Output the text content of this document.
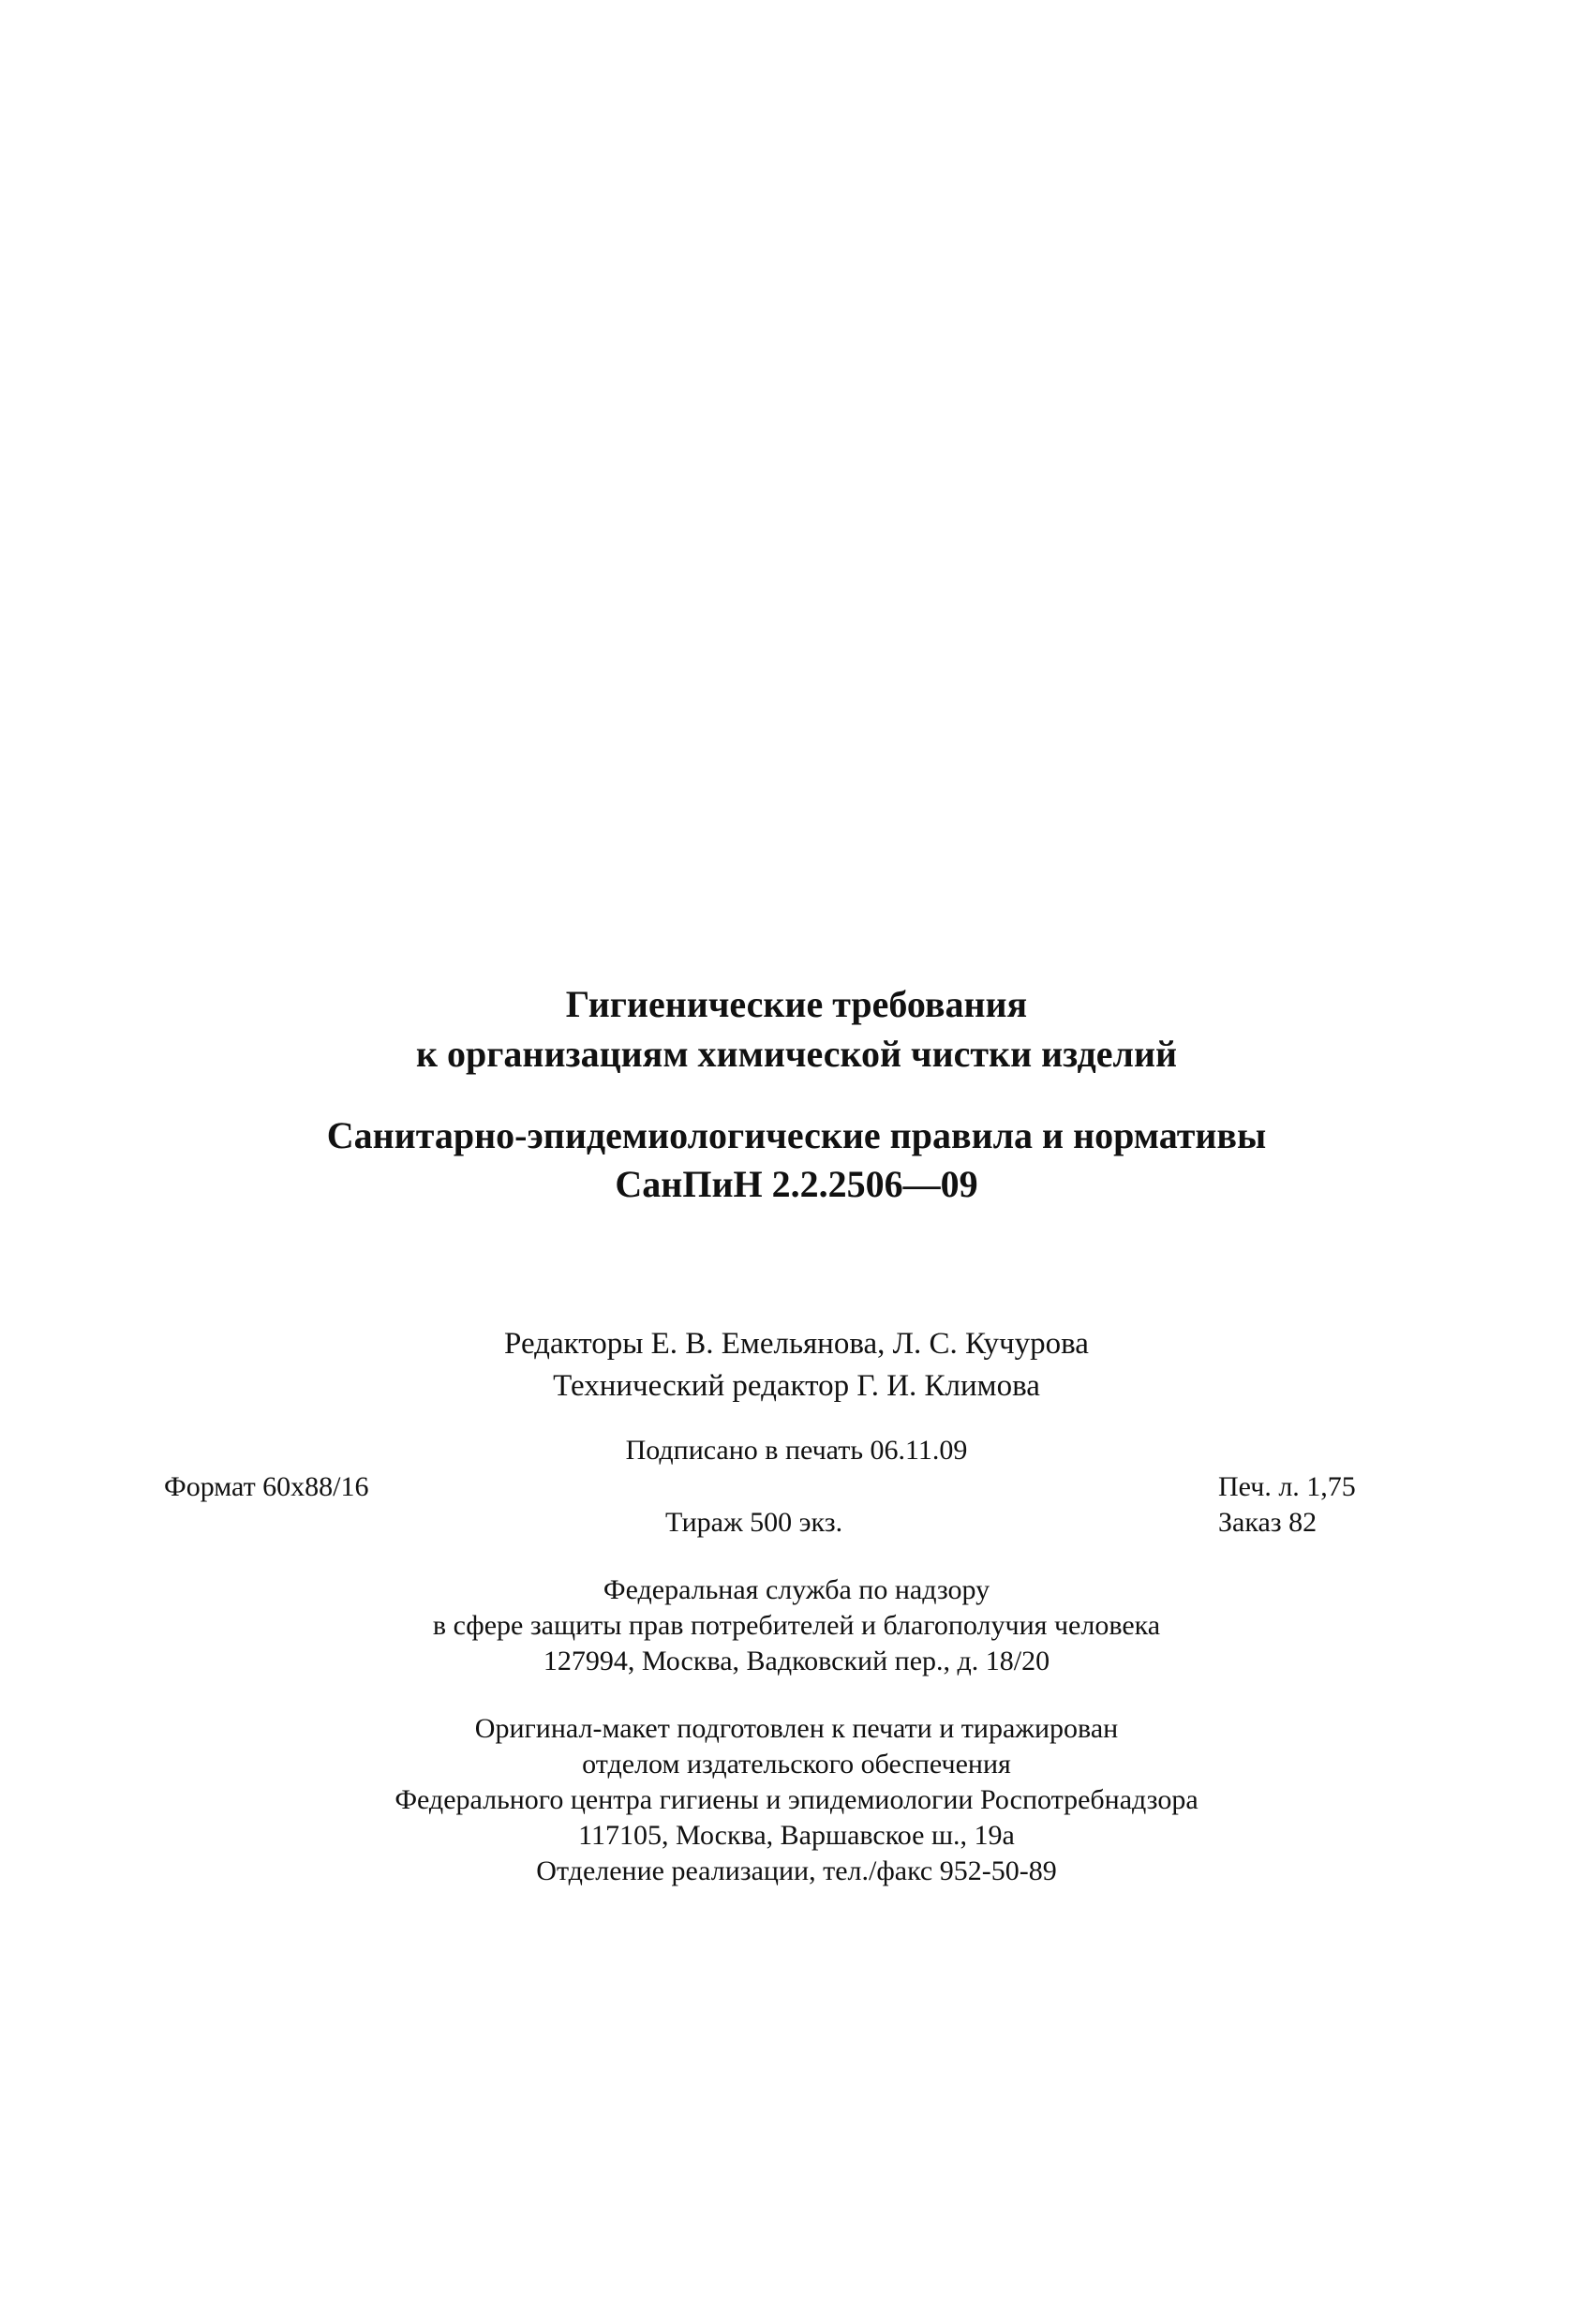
Гигиенические требования
к организациям химической чистки изделий
Санитарно-эпидемиологические правила и нормативы
СанПиН 2.2.2506—09
Редакторы Е. В. Емельянова, Л. С. Кучурова
Технический редактор Г. И. Климова
Подписано в печать 06.11.09
Формат 60х88/16	Печ. л. 1,75
Тираж 500 экз.	Заказ 82
Федеральная служба по надзору
в сфере защиты прав потребителей и благополучия человека
127994, Москва, Вадковский пер., д. 18/20
Оригинал-макет подготовлен к печати и тиражирован
отделом издательского обеспечения
Федерального центра гигиены и эпидемиологии Роспотребнадзора
117105, Москва, Варшавское ш., 19а
Отделение реализации, тел./факс 952-50-89
